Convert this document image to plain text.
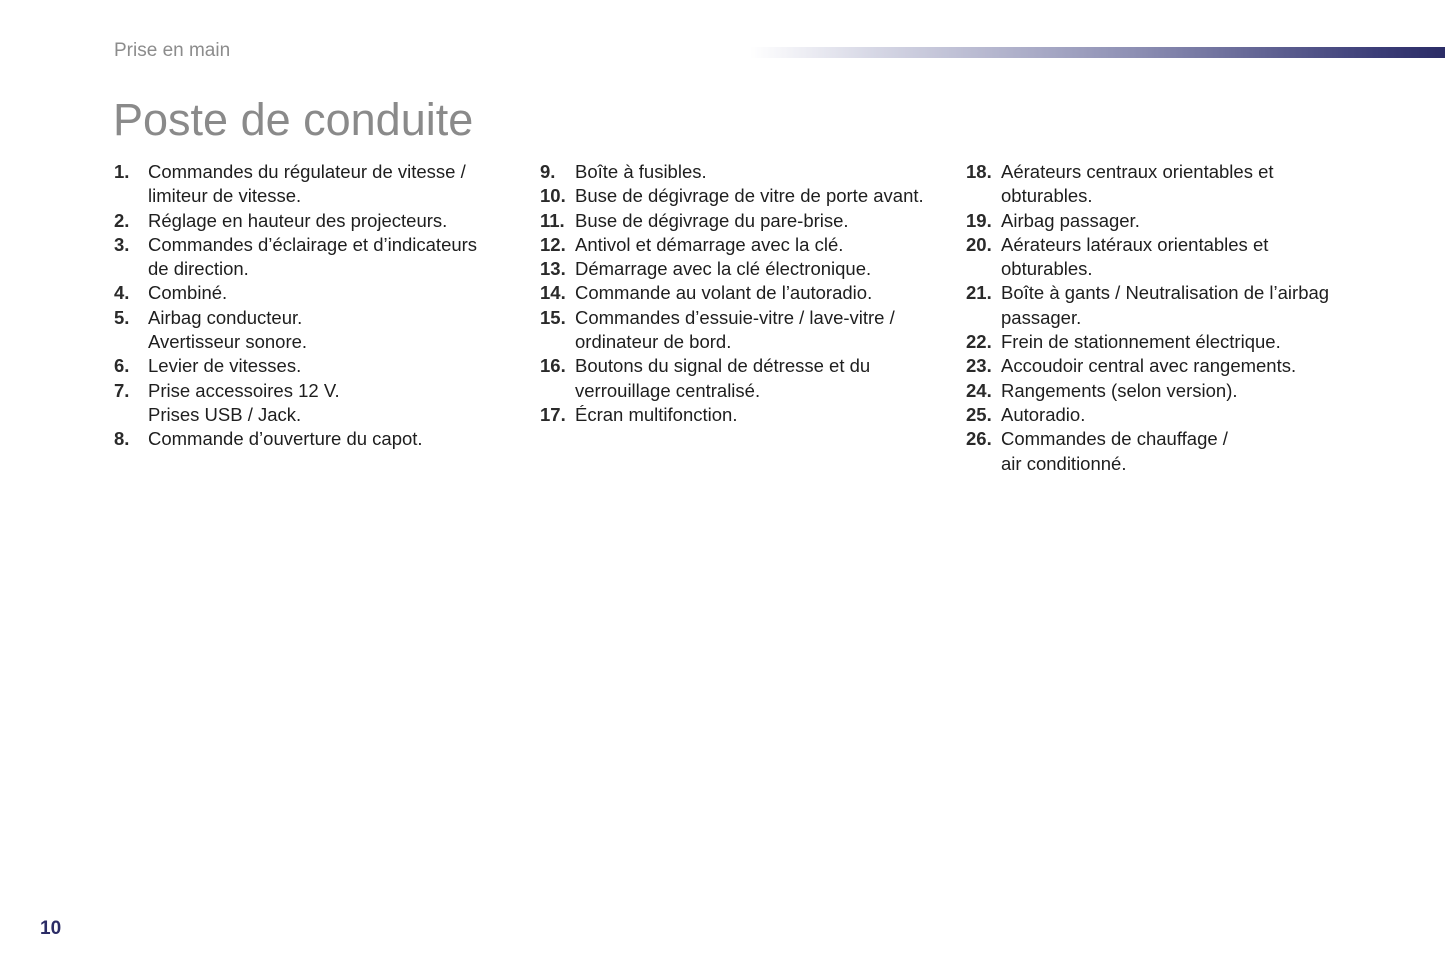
Prise en main
Poste de conduite
1.	Commandes du régulateur de vitesse /
limiteur de vitesse.
2.	Réglage en hauteur des projecteurs.
3.	Commandes d’éclairage et d’indicateurs
de direction.
4.	Combiné.
5.	Airbag conducteur.
Avertisseur sonore.
6.	Levier de vitesses.
7.	Prise accessoires 12 V.
Prises USB / Jack.
8.	Commande d’ouverture du capot.
9.	Boîte à fusibles.
10. Buse de dégivrage de vitre de porte avant.
11. Buse de dégivrage du pare-brise.
12. Antivol et démarrage avec la clé.
13. Démarrage avec la clé électronique.
14. Commande au volant de l’autoradio.
15. Commandes d’essuie-vitre / lave-vitre /
ordinateur de bord.
16. Boutons du signal de détresse et du
verrouillage centralisé.
17. Écran multifonction.
18. Aérateurs centraux orientables et
obturables.
19. Airbag passager.
20. Aérateurs latéraux orientables et
obturables.
21. Boîte à gants / Neutralisation de l’airbag
passager.
22. Frein de stationnement électrique.
23. Accoudoir central avec rangements.
24. Rangements (selon version).
25. Autoradio.
26. Commandes de chauffage /
air conditionné.
10
